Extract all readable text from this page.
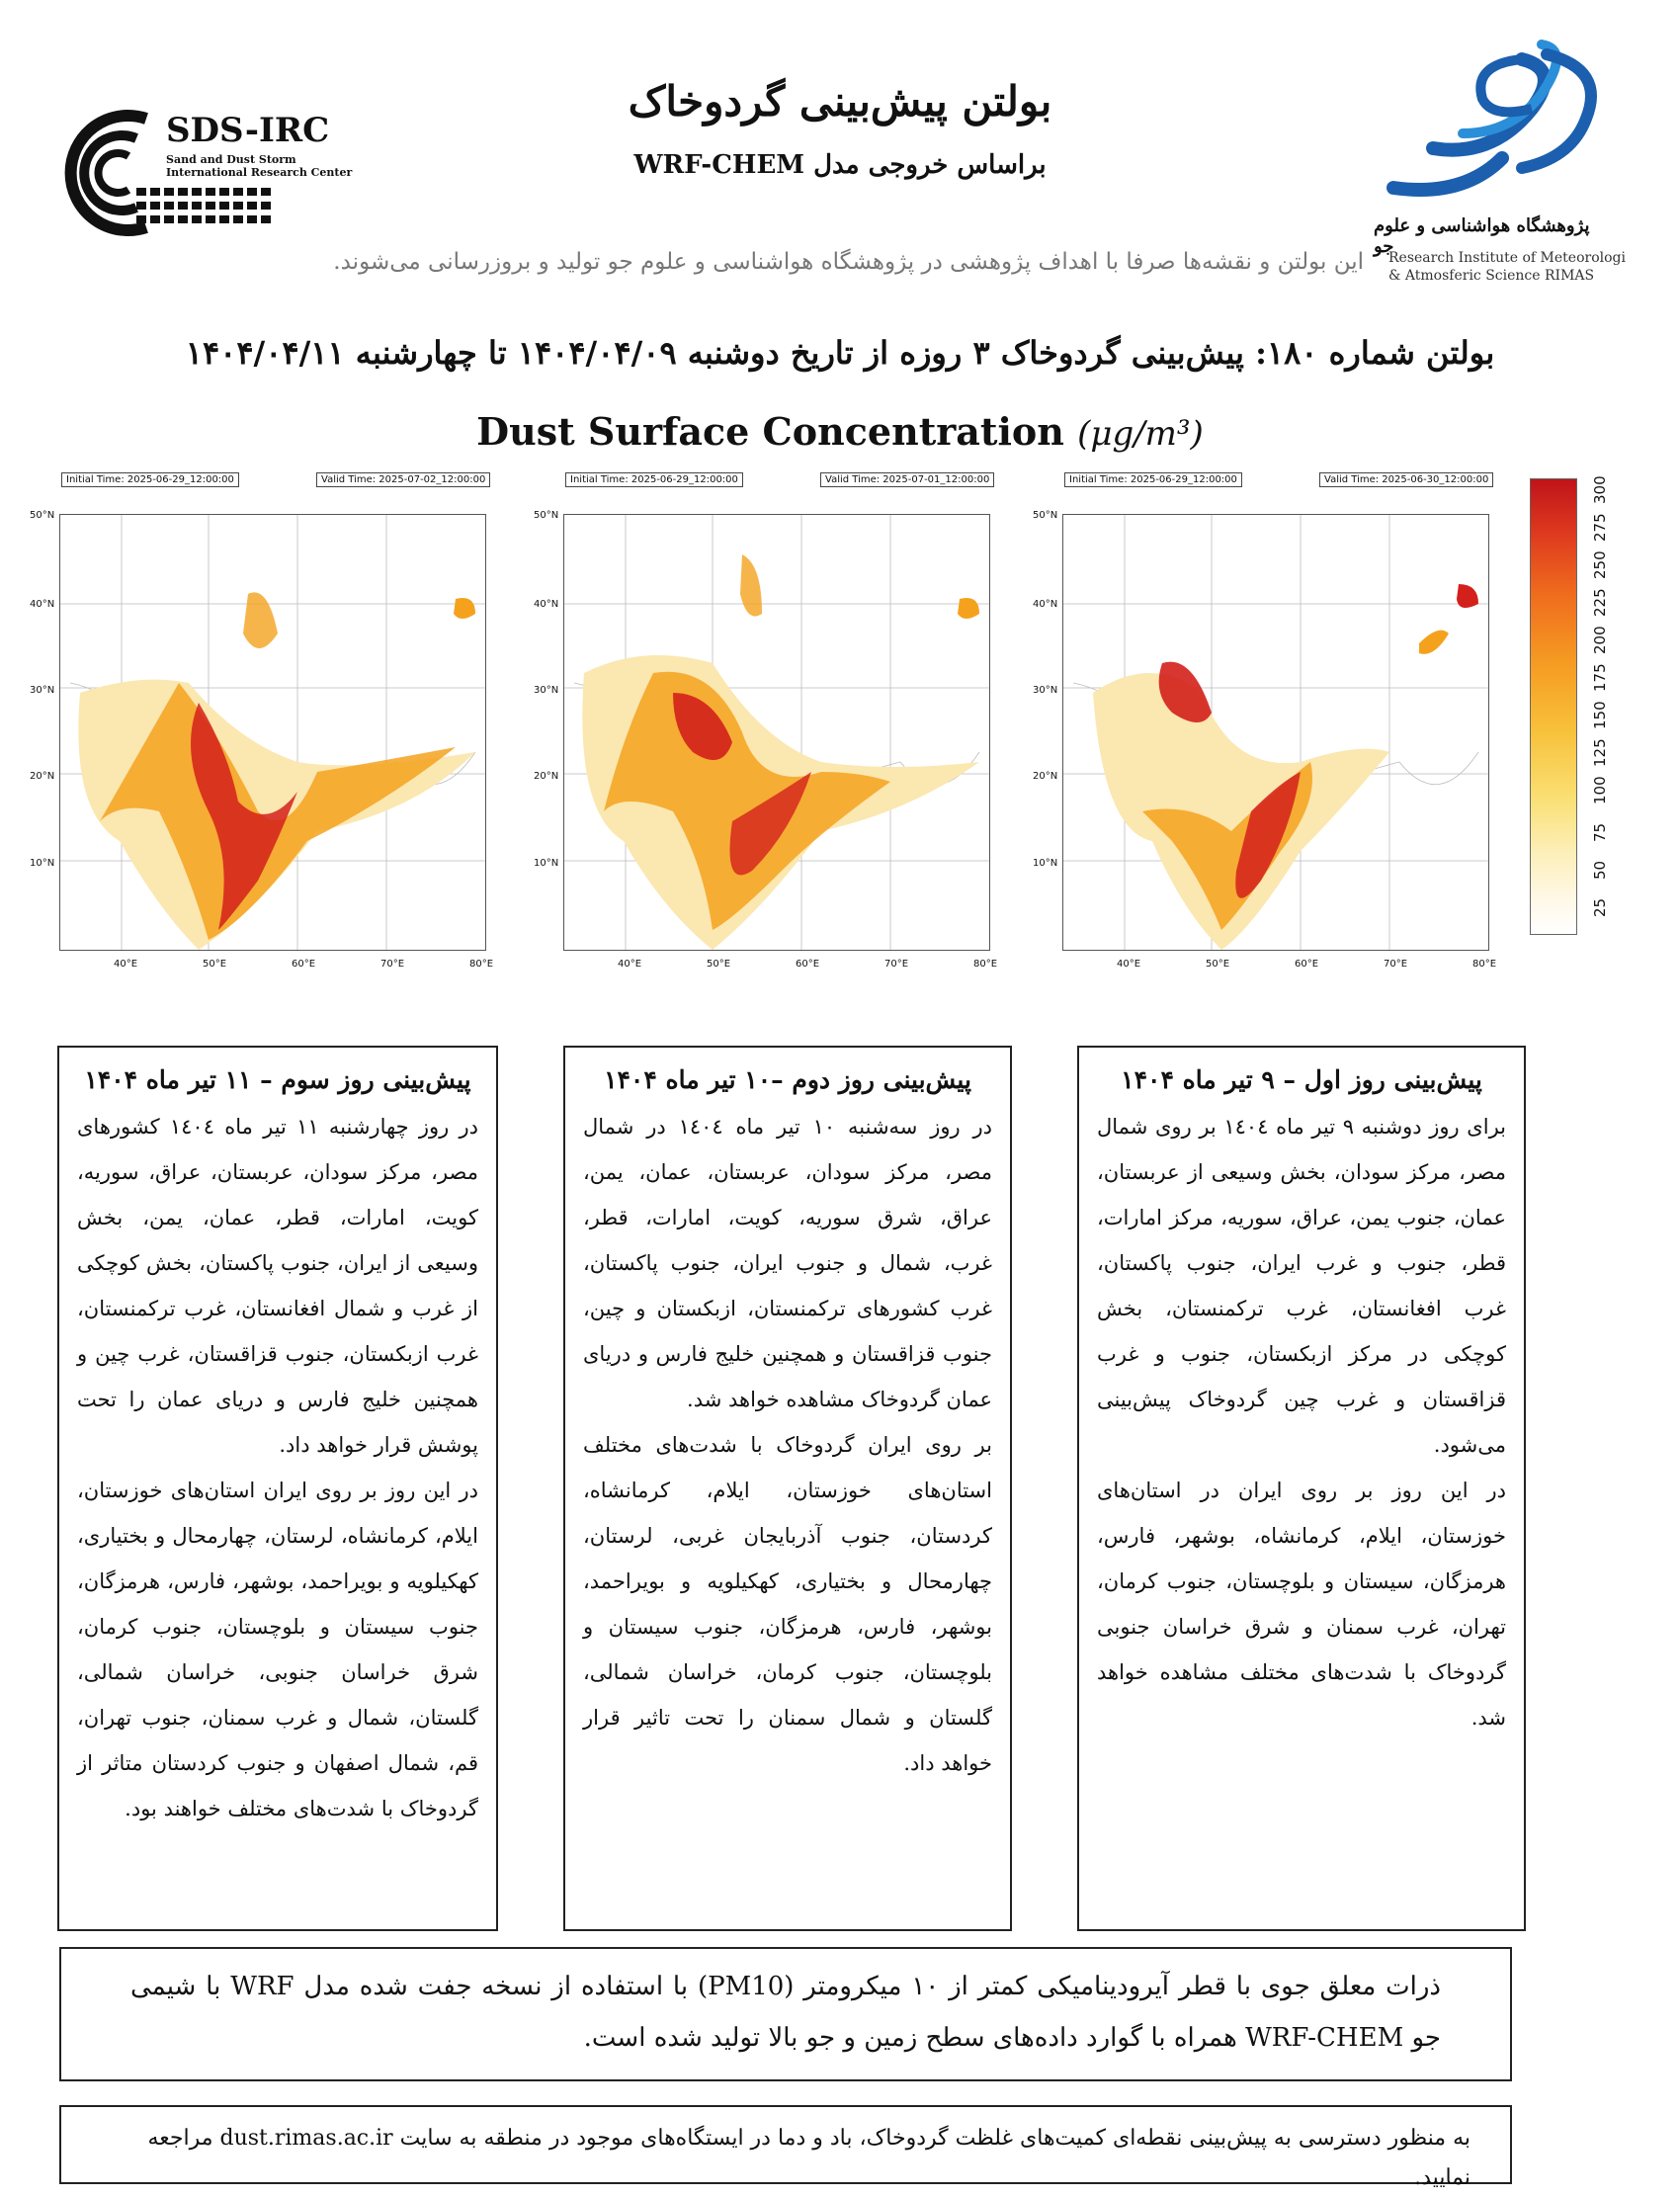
بولتن پیش‌بینی گردوخاک
براساس خروجی مدل WRF-CHEM
این بولتن و نقشه‌ها صرفا با اهداف پژوهشی در پژوهشگاه هواشناسی و علوم جو تولید و بروزرسانی می‌شوند.
بولتن شماره ۱۸۰: پیش‌بینی گردوخاک ۳ روزه از تاریخ دوشنبه ۱۴۰۴/۰۴/۰۹ تا چهارشنبه ۱۴۰۴/۰۴/۱۱
Dust Surface Concentration (μg/m³)
SDS-IRC
Sand and Dust Storm
International Research Center
پژوهشگاه هواشناسی و علوم جو
Research Institute of Meteorologi
& Atmosferic Science RIMAS
Initial Time: 2025-06-29_12:00:00	Valid Time: 2025-07-02_12:00:00
50°N
40°N
30°N
20°N
10°N
40°E	50°E	60°E	70°E	80°E
Initial Time: 2025-06-29_12:00:00	Valid Time: 2025-07-01_12:00:00
50°N
40°N
30°N
20°N
10°N
40°E	50°E	60°E	70°E	80°E
Initial Time: 2025-06-29_12:00:00	Valid Time: 2025-06-30_12:00:00
50°N
40°N
30°N
20°N
10°N
40°E	50°E	60°E	70°E	80°E
300
275
250
225
200
175
150
125
100
75
50
25
پیش‌بینی روز سوم – ۱۱ تیر ماه ۱۴۰۴

در روز چهارشنبه ۱۱ تیر ماه ١٤٠٤ کشورهای مصر، مرکز سودان، عربستان، عراق، سوریه، کویت، امارات، قطر، عمان، یمن، بخش وسیعی از ایران، جنوب پاکستان، بخش کوچکی از غرب و شمال افغانستان، غرب ترکمنستان، غرب ازبکستان، جنوب قزاقستان، غرب چین و همچنین خلیج فارس و دریای عمان را تحت پوشش قرار خواهد داد.

در این روز بر روی ایران استان‌های خوزستان، ایلام، کرمانشاه، لرستان، چهارمحال و بختیاری، کهکیلویه و بویراحمد، بوشهر، فارس، هرمزگان، جنوب سیستان و بلوچستان، جنوب کرمان، شرق خراسان جنوبی، خراسان شمالی، گلستان، شمال و غرب سمنان، جنوب تهران، قم، شمال اصفهان و جنوب کردستان متاثر از گردوخاک با شدت‌های مختلف خواهند بود.

پیش‌بینی روز دوم –۱۰ تیر ماه ۱۴۰۴

در روز سه‌شنبه ۱۰ تیر ماه ١٤٠٤ در شمال مصر، مرکز سودان، عربستان، عمان، یمن، عراق، شرق سوریه، کویت، امارات، قطر، غرب، شمال و جنوب ایران، جنوب پاکستان، غرب کشورهای ترکمنستان، ازبکستان و چین، جنوب قزاقستان و همچنین خلیج فارس و دریای عمان گردوخاک مشاهده خواهد شد.

بر روی ایران گردوخاک با شدت‌های مختلف استان‌های خوزستان، ایلام، کرمانشاه، کردستان، جنوب آذربایجان غربی، لرستان، چهارمحال و بختیاری، کهکیلویه و بویراحمد، بوشهر، فارس، هرمزگان، جنوب سیستان و بلوچستان، جنوب کرمان، خراسان شمالی، گلستان و شمال سمنان را تحت تاثیر قرار خواهد داد.

پیش‌بینی روز اول – ۹ تیر ماه ۱۴۰۴

برای روز دوشنبه ۹ تیر ماه ١٤٠٤ بر روی شمال مصر، مرکز سودان، بخش وسیعی از عربستان، عمان، جنوب یمن، عراق، سوریه، مرکز امارات، قطر، جنوب و غرب ایران، جنوب پاکستان، غرب افغانستان، غرب ترکمنستان، بخش کوچکی در مرکز ازبکستان، جنوب و غرب قزاقستان و غرب چین گردوخاک پیش‌بینی می‌شود.

در این روز بر روی ایران در استان‌های خوزستان، ایلام، کرمانشاه، بوشهر، فارس، هرمزگان، سیستان و بلوچستان، جنوب کرمان، تهران، غرب سمنان و شرق خراسان جنوبی گردوخاک با شدت‌های مختلف مشاهده خواهد شد.

ذرات معلق جوی با قطر آیرودینامیکی کمتر از ۱۰ میکرومتر (PM10) با استفاده از نسخه جفت شده مدل WRF با شیمی جو WRF-CHEM همراه با گوارد داده‌های سطح زمین و جو بالا تولید شده است.
به منظور دسترسی به پیش‌بینی نقطه‌ای کمیت‌های غلظت گردوخاک، باد و دما در ایستگاه‌های موجود در منطقه به سایت dust.rimas.ac.ir مراجعه نمایید.
